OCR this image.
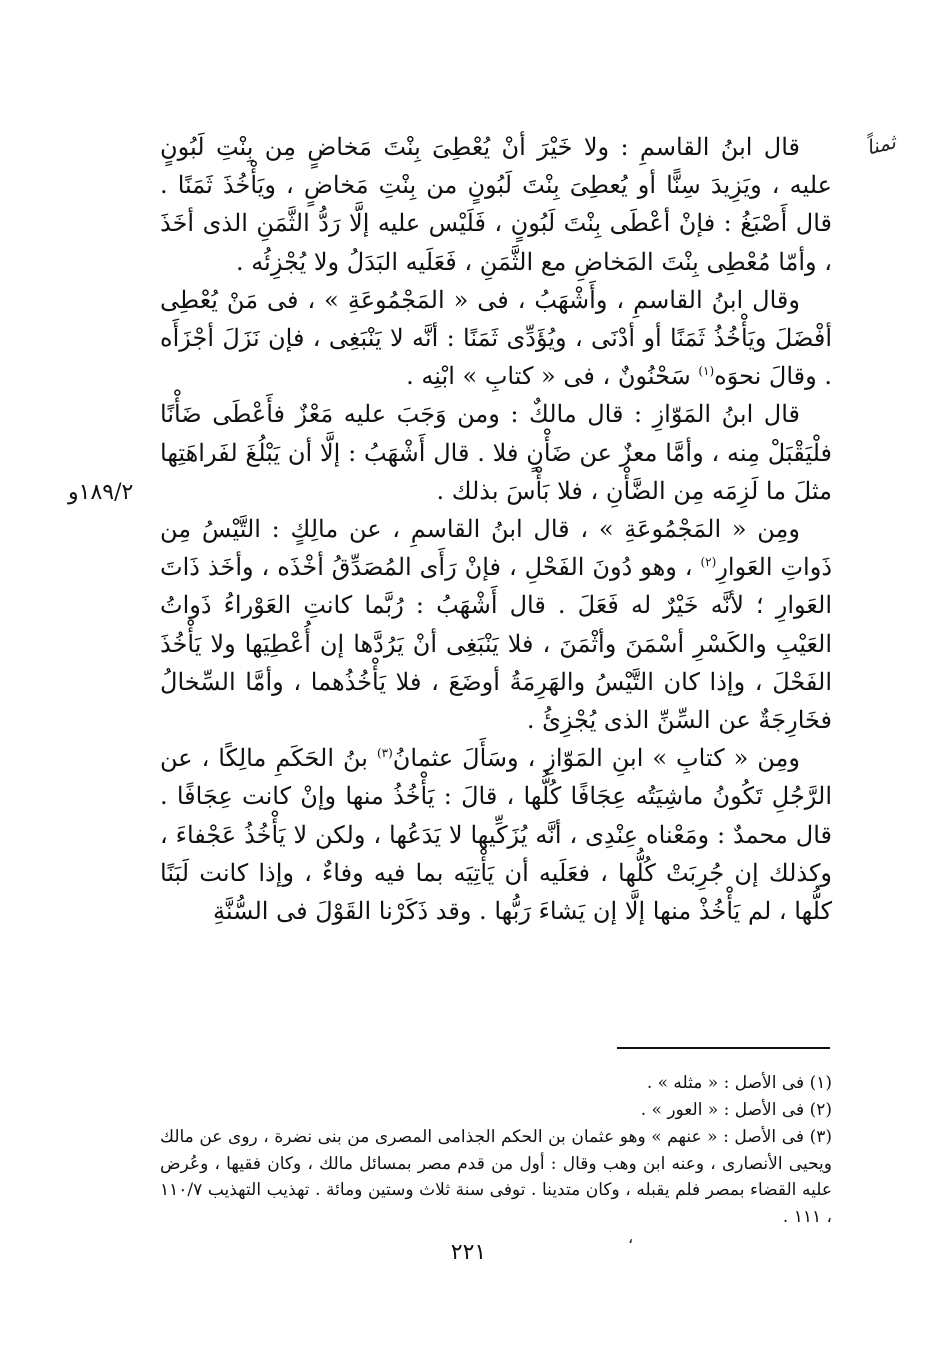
ثمناً
١٨٩/٢و

قال ابنُ القاسمِ : ولا خَيْرَ أنْ يُعْطِىَ بِنْتَ مَخاضٍ مِن بِنْتِ لَبُونٍ عليه ، ويَزِيدَ سِنًّا أو يُعطِىَ بِنْتَ لَبُونٍ من بِنْتِ مَخاضٍ ، ويَأْخُذَ ثَمَنًا . قال أَصْبَغُ : فإنْ أعْطَى بِنْتَ لَبُونٍ ، فَلَيْس عليه إلَّا رَدُّ الثَّمَنِ الذى أخَذَ ، وأمّا مُعْطِى بِنْتَ المَخاضِ مع الثَّمَنِ ، فَعَلَيه البَدَلُ ولا يُجْزِئُه .

وقال ابنُ القاسمِ ، وأَشْهَبُ ، فى « المَجْمُوعَةِ » ، فى مَنْ يُعْطِى أفْضَلَ ويَأْخُذُ ثَمَنًا أو أدْنَى ، ويُؤَدِّى ثَمَنًا : أنَّه لا يَنْبَغِى ، فإن نَزَلَ أجْزَأَه . وقالَ نحوَه$^{(١)}$ سَحْنُونٌ ، فى « كتابِ » ابْنِه .

قال ابنُ المَوّازِ : قال مالكٌ : ومن وَجَبَ عليه مَعْزٌ فأَعْطَى ضَأْنًا فلْيَقْبَلْ مِنه ، وأمَّا معزٌ عن ضَأْنٍ فلا . قال أَشْهَبُ : إلَّا أن يَبْلُغَ لفَراهَتِها مثلَ ما لَزِمَه مِن الضَّأْنِ ، فلا بَأْسَ بذلك .

ومِن « المَجْمُوعَةِ » ، قال ابنُ القاسمِ ، عن مالِكٍ : التَّيْسُ مِن ذَواتِ العَوارِ$^{(٢)}$ ، وهو دُونَ الفَحْلِ ، فإنْ رَأَى المُصَدِّقُ أخْذَه ، وأخَذ ذَاتَ العَوارِ ؛ لأنَّه خَيْرٌ له فَعَلَ . قال أَشْهَبُ : رُبَّما كانتِ العَوْراءُ ذَواتُ العَيْبِ والكَسْرِ أسْمَنَ وأثْمَنَ ، فلا يَنْبَغِى أنْ يَرُدَّها إن أُعْطِيَها ولا يَأْخُذَ الفَحْلَ ، وإذا كان التَّيْسُ والهَرِمَةُ أوضَعَ ، فلا يَأْخُذُهما ، وأمَّا السِّخالُ فخَارِجَةٌ عن السِّنِّ الذى يُجْزِئُ .

ومِن « كتابِ » ابنِ المَوّازِ ، وسَأَلَ عثمانُ$^{(٣)}$ بنُ الحَكَمِ مالِكًا ، عن الرَّجُلِ تَكُونُ ماشِيَتُه عِجَافًا كُلُّها ، قالَ : يَأْخُذُ منها وإنْ كانت عِجَافًا . قال محمدٌ : ومَعْناه عِنْدِى ، أنَّه يُزَكِّيها لا يَدَعُها ، ولكن لا يَأْخُذُ عَجْفاءَ ، وكذلك إن جُرِبَتْ كُلُّها ، فعَلَيه أن يَأْتِيَه بما فيه وفاءٌ ، وإذا كانت لَبَنًا كلُّها ، لم يَأْخُذْ منها إلَّا إن يَشاءَ رَبُّها . وقد ذَكَرْنا القَوْلَ فى السُّنَّةِ

(١) فى الأصل : « مثله » .

(٢) فى الأصل : « العور » .

(٣) فى الأصل : « عنهم » وهو عثمان بن الحكم الجذامى المصرى من بنى نضرة ، روى عن مالك ويحيى الأنصارى ، وعنه ابن وهب وقال : أول من قدم مصر بمسائل مالك ، وكان فقيها ، وعُرض عليه القضاء بمصر فلم يقبله ، وكان متدينا . توفى سنة ثلاث وستين ومائة . تهذيب التهذيب ١١٠/٧ ، ١١١ .

،
٢٢١
